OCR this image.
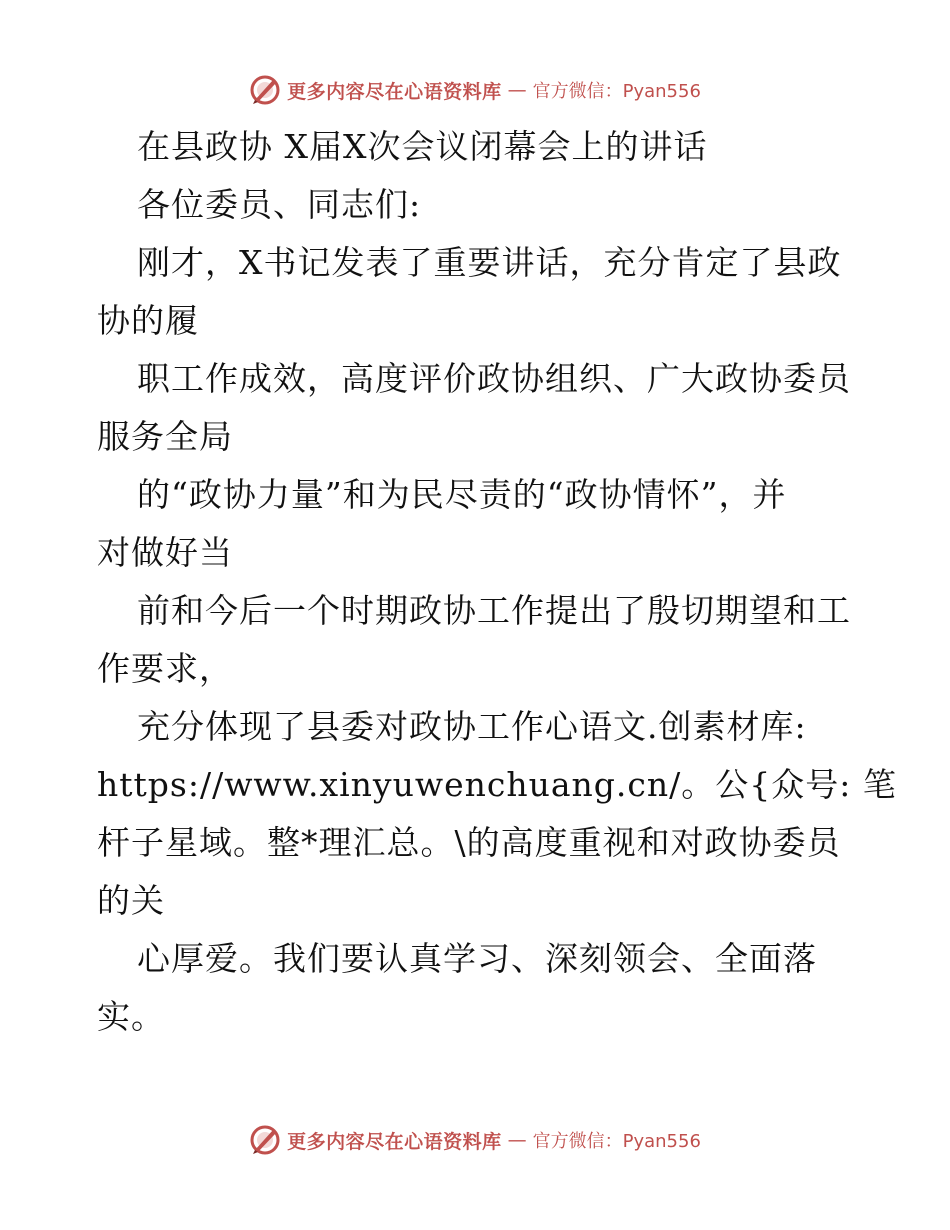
更多内容尽在心语资料库 — 官方微信：Pyan556
在县政协 X届X次会议闭幕会上的讲话
各位委员、同志们:
刚才，X书记发表了重要讲话，充分肯定了县政
协的履
职工作成效，高度评价政协组织、广大政协委员
服务全局
的“政协力量”和为民尽责的“政协情怀”，并
对做好当
前和今后一个时期政协工作提出了殷切期望和工
作要求，
充分体现了县委对政协工作心语文.创素材库:
https://www.xinyuwenchuang.cn/。公{众号: 笔
杆子星域。整*理汇总。\的高度重视和对政协委员
的关
心厚爱。我们要认真学习、深刻领会、全面落
实。
更多内容尽在心语资料库 — 官方微信：Pyan556
